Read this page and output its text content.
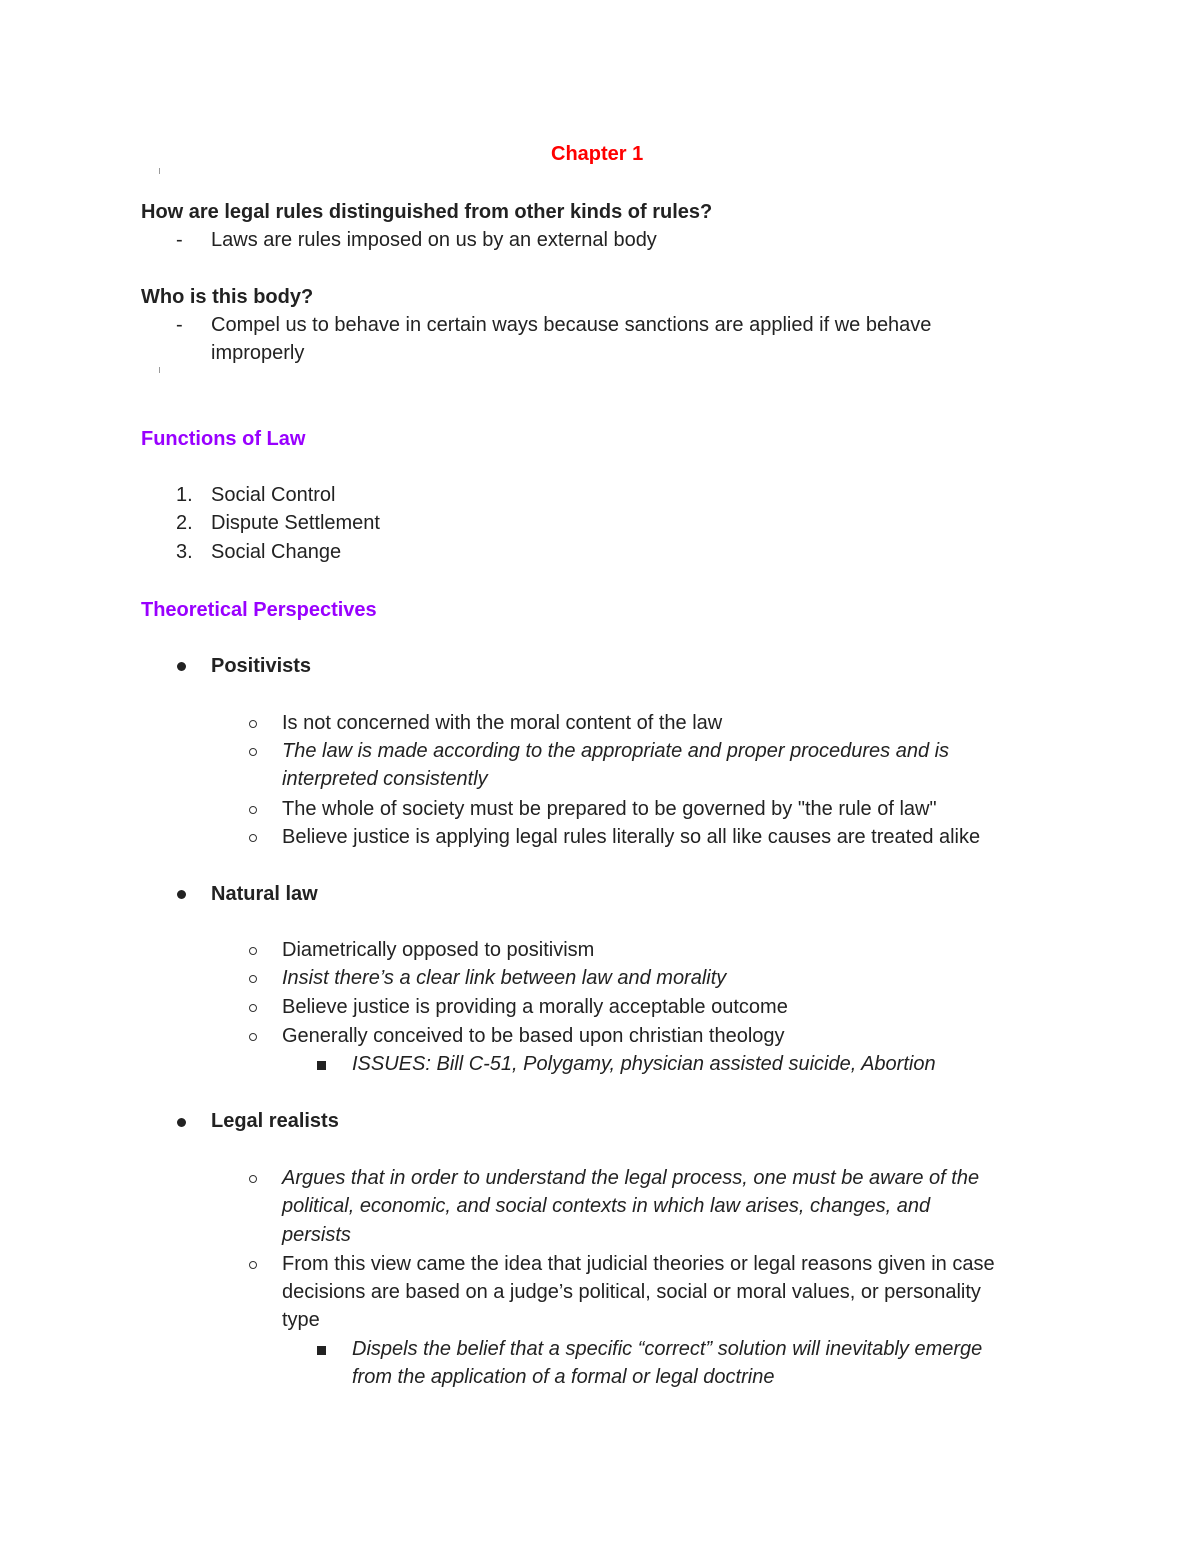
Chapter 1
How are legal rules distinguished from other kinds of rules?
- Laws are rules imposed on us by an external body
Who is this body?
- Compel us to behave in certain ways because sanctions are applied if we behave
improperly
Functions of Law
1. Social Control
2. Dispute Settlement
3. Social Change
Theoretical Perspectives
Positivists
Is not concerned with the moral content of the law
The law is made according to the appropriate and proper procedures and is
interpreted consistently
The whole of society must be prepared to be governed by "the rule of law"
Believe justice is applying legal rules literally so all like causes are treated alike
Natural law
Diametrically opposed to positivism
Insist there’s a clear link between law and morality
Believe justice is providing a morally acceptable outcome
Generally conceived to be based upon christian theology
ISSUES: Bill C-51, Polygamy, physician assisted suicide, Abortion
Legal realists
Argues that in order to understand the legal process, one must be aware of the
political, economic, and social contexts in which law arises, changes, and
persists
From this view came the idea that judicial theories or legal reasons given in case
decisions are based on a judge’s political, social or moral values, or personality
type
Dispels the belief that a specific “correct” solution will inevitably emerge
from the application of a formal or legal doctrine
